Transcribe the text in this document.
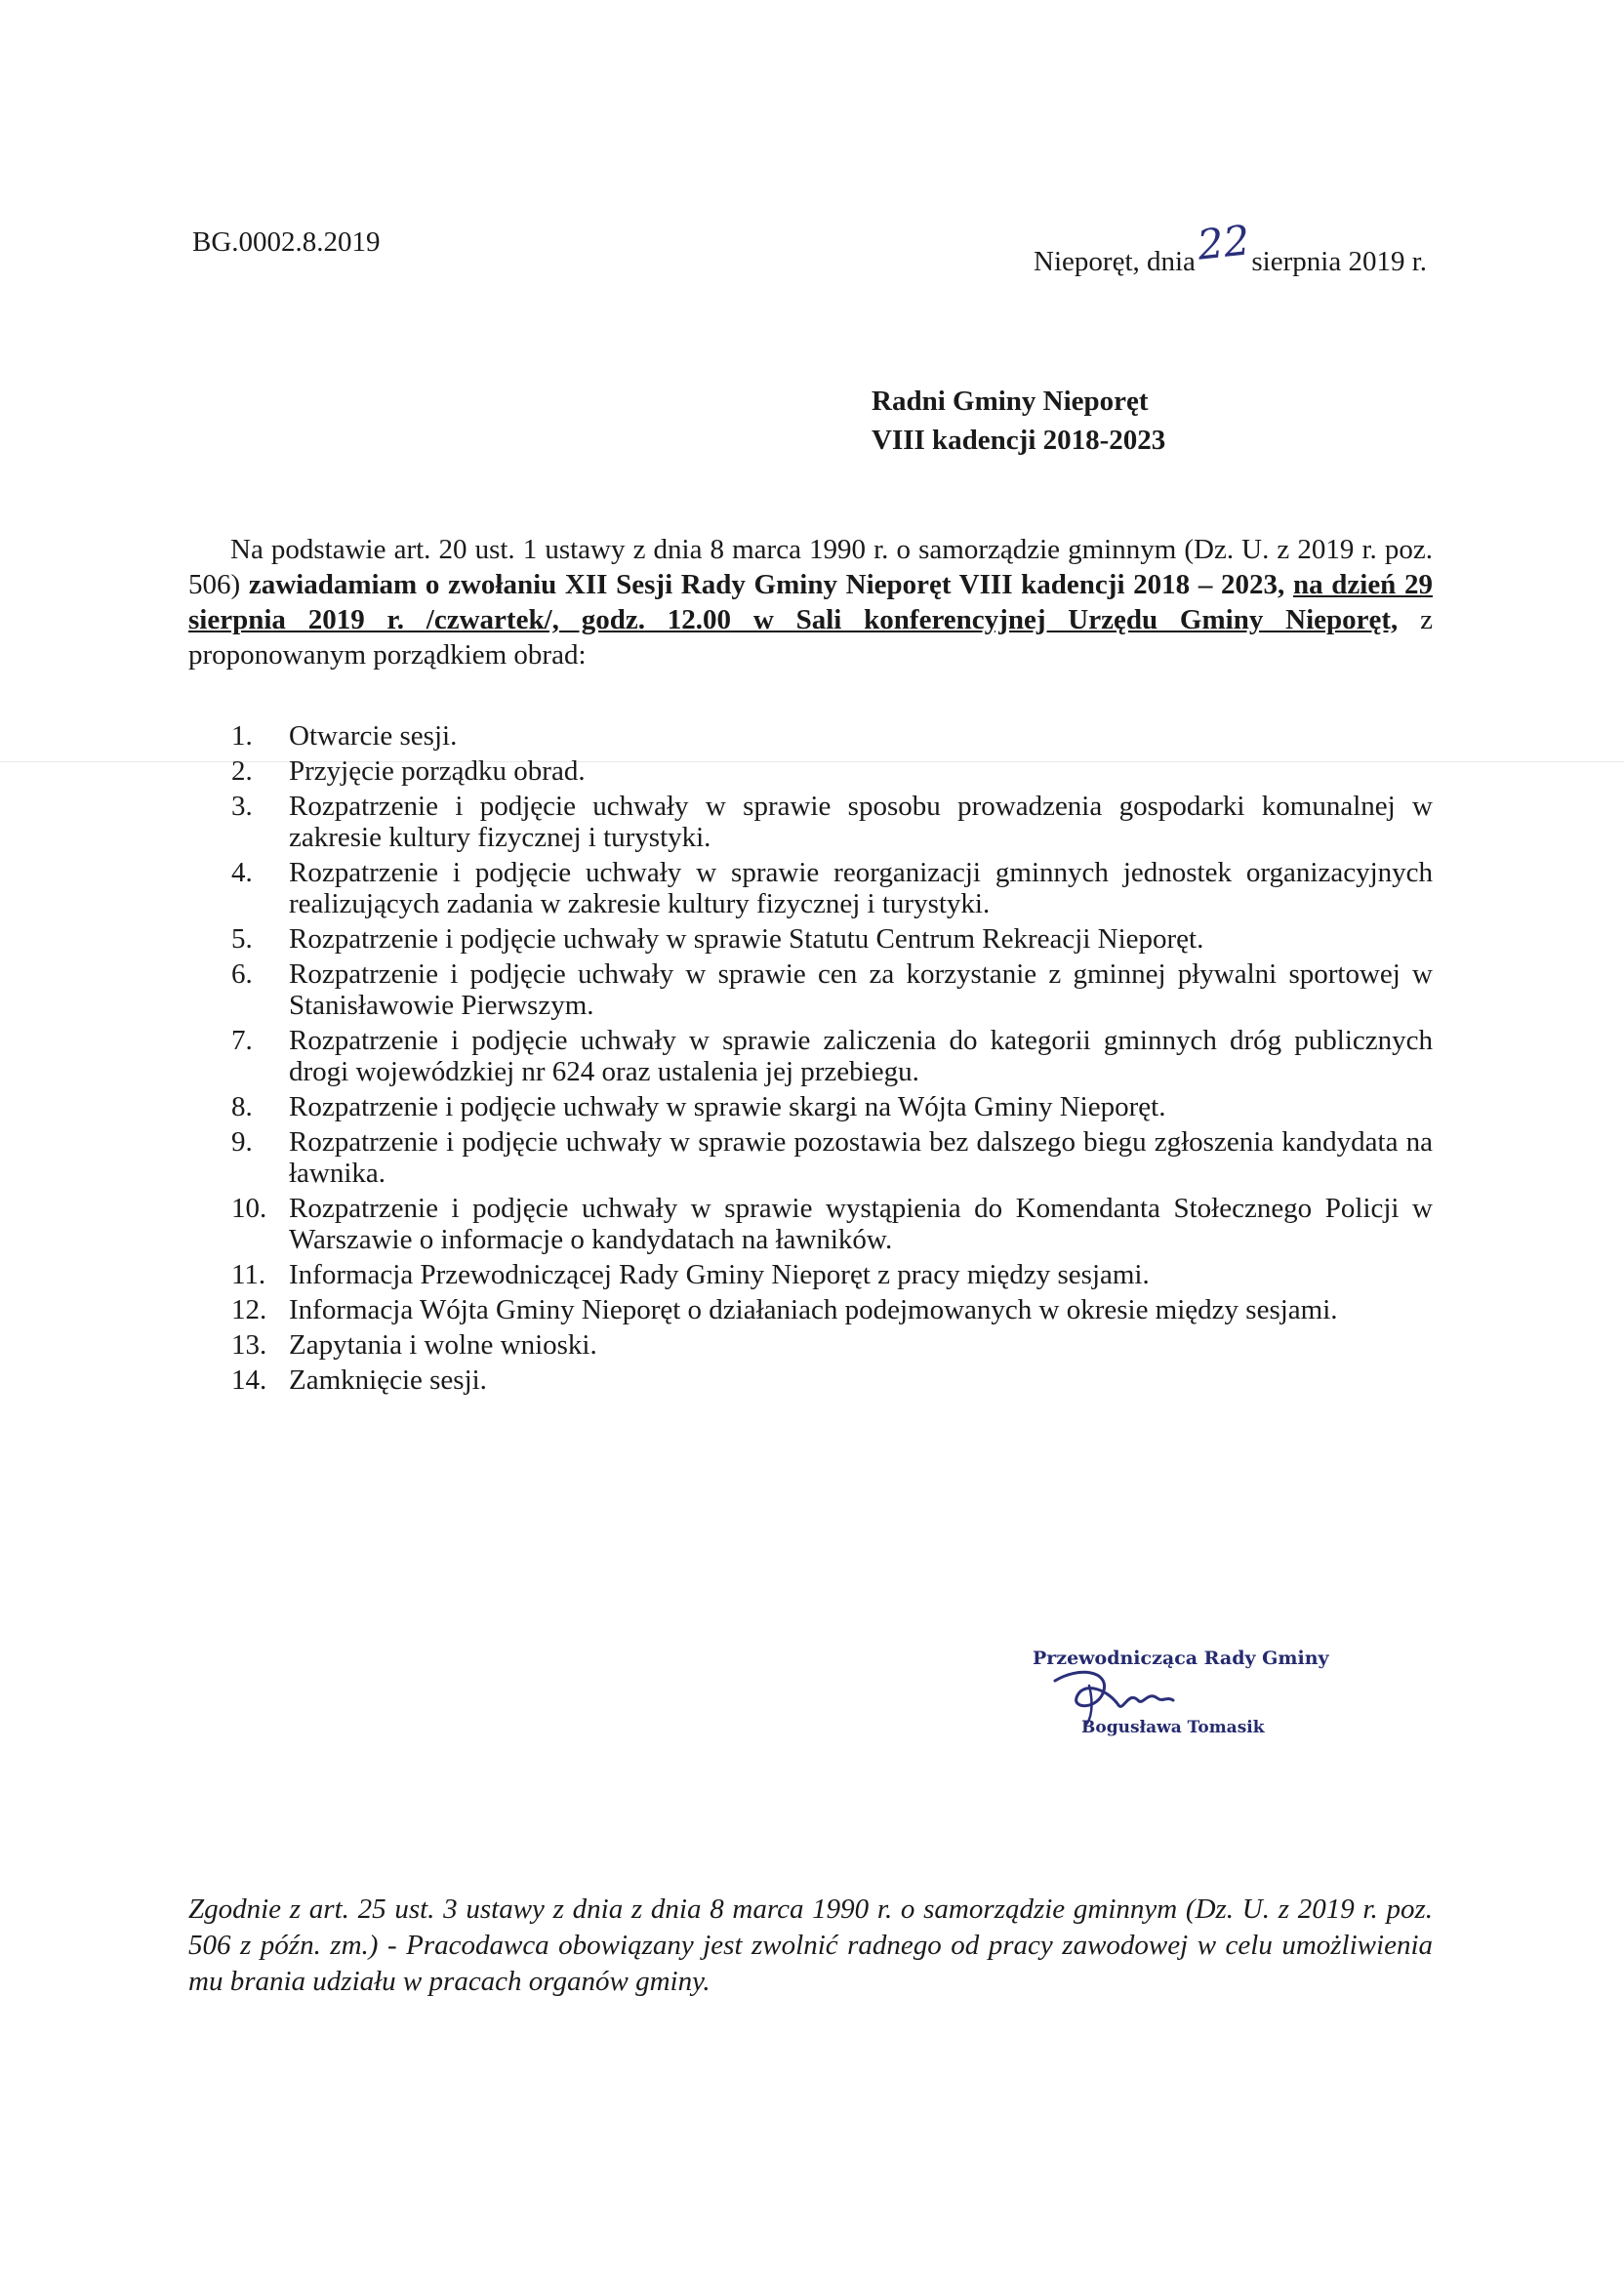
BG.0002.8.2019
Nieporęt, dnia22sierpnia 2019 r.
Radni Gminy Nieporęt
VIII kadencji 2018-2023
Na podstawie art. 20 ust. 1 ustawy z dnia 8 marca 1990 r. o samorządzie gminnym (Dz. U. z 2019 r. poz. 506) zawiadamiam o zwołaniu XII Sesji Rady Gminy Nieporęt VIII kadencji 2018 – 2023, na dzień 29 sierpnia 2019 r. /czwartek/, godz. 12.00 w Sali konferencyjnej Urzędu Gminy Nieporęt, z proponowanym porządkiem obrad:
1.	Otwarcie sesji.
2.	Przyjęcie porządku obrad.
3.	Rozpatrzenie i podjęcie uchwały w sprawie sposobu prowadzenia gospodarki komunalnej w zakresie kultury fizycznej i turystyki.
4.	Rozpatrzenie i podjęcie uchwały w sprawie reorganizacji gminnych jednostek organizacyjnych realizujących zadania w zakresie kultury fizycznej i turystyki.
5.	Rozpatrzenie i podjęcie uchwały w sprawie Statutu Centrum Rekreacji Nieporęt.
6.	Rozpatrzenie i podjęcie uchwały w sprawie cen za korzystanie z gminnej pływalni sportowej w Stanisławowie Pierwszym.
7.	Rozpatrzenie i podjęcie uchwały w sprawie zaliczenia do kategorii gminnych dróg publicznych drogi wojewódzkiej nr 624 oraz ustalenia jej przebiegu.
8.	Rozpatrzenie i podjęcie uchwały w sprawie skargi na Wójta Gminy Nieporęt.
9.	Rozpatrzenie i podjęcie uchwały w sprawie pozostawia bez dalszego biegu zgłoszenia kandydata na ławnika.
10. Rozpatrzenie i podjęcie uchwały w sprawie wystąpienia do Komendanta Stołecznego Policji w Warszawie o informacje o kandydatach na ławników.
11. Informacja Przewodniczącej Rady Gminy Nieporęt z pracy między sesjami.
12. Informacja Wójta Gminy Nieporęt o działaniach podejmowanych w okresie między sesjami.
13. Zapytania i wolne wnioski.
14. Zamknięcie sesji.
Przewodnicząca Rady Gminy
Bogusława Tomasik
Zgodnie z art. 25 ust. 3 ustawy z dnia z dnia 8 marca 1990 r. o samorządzie gminnym (Dz. U. z 2019 r. poz. 506 z późn. zm.) - Pracodawca obowiązany jest zwolnić radnego od pracy zawodowej w celu umożliwienia mu brania udziału w pracach organów gminy.
